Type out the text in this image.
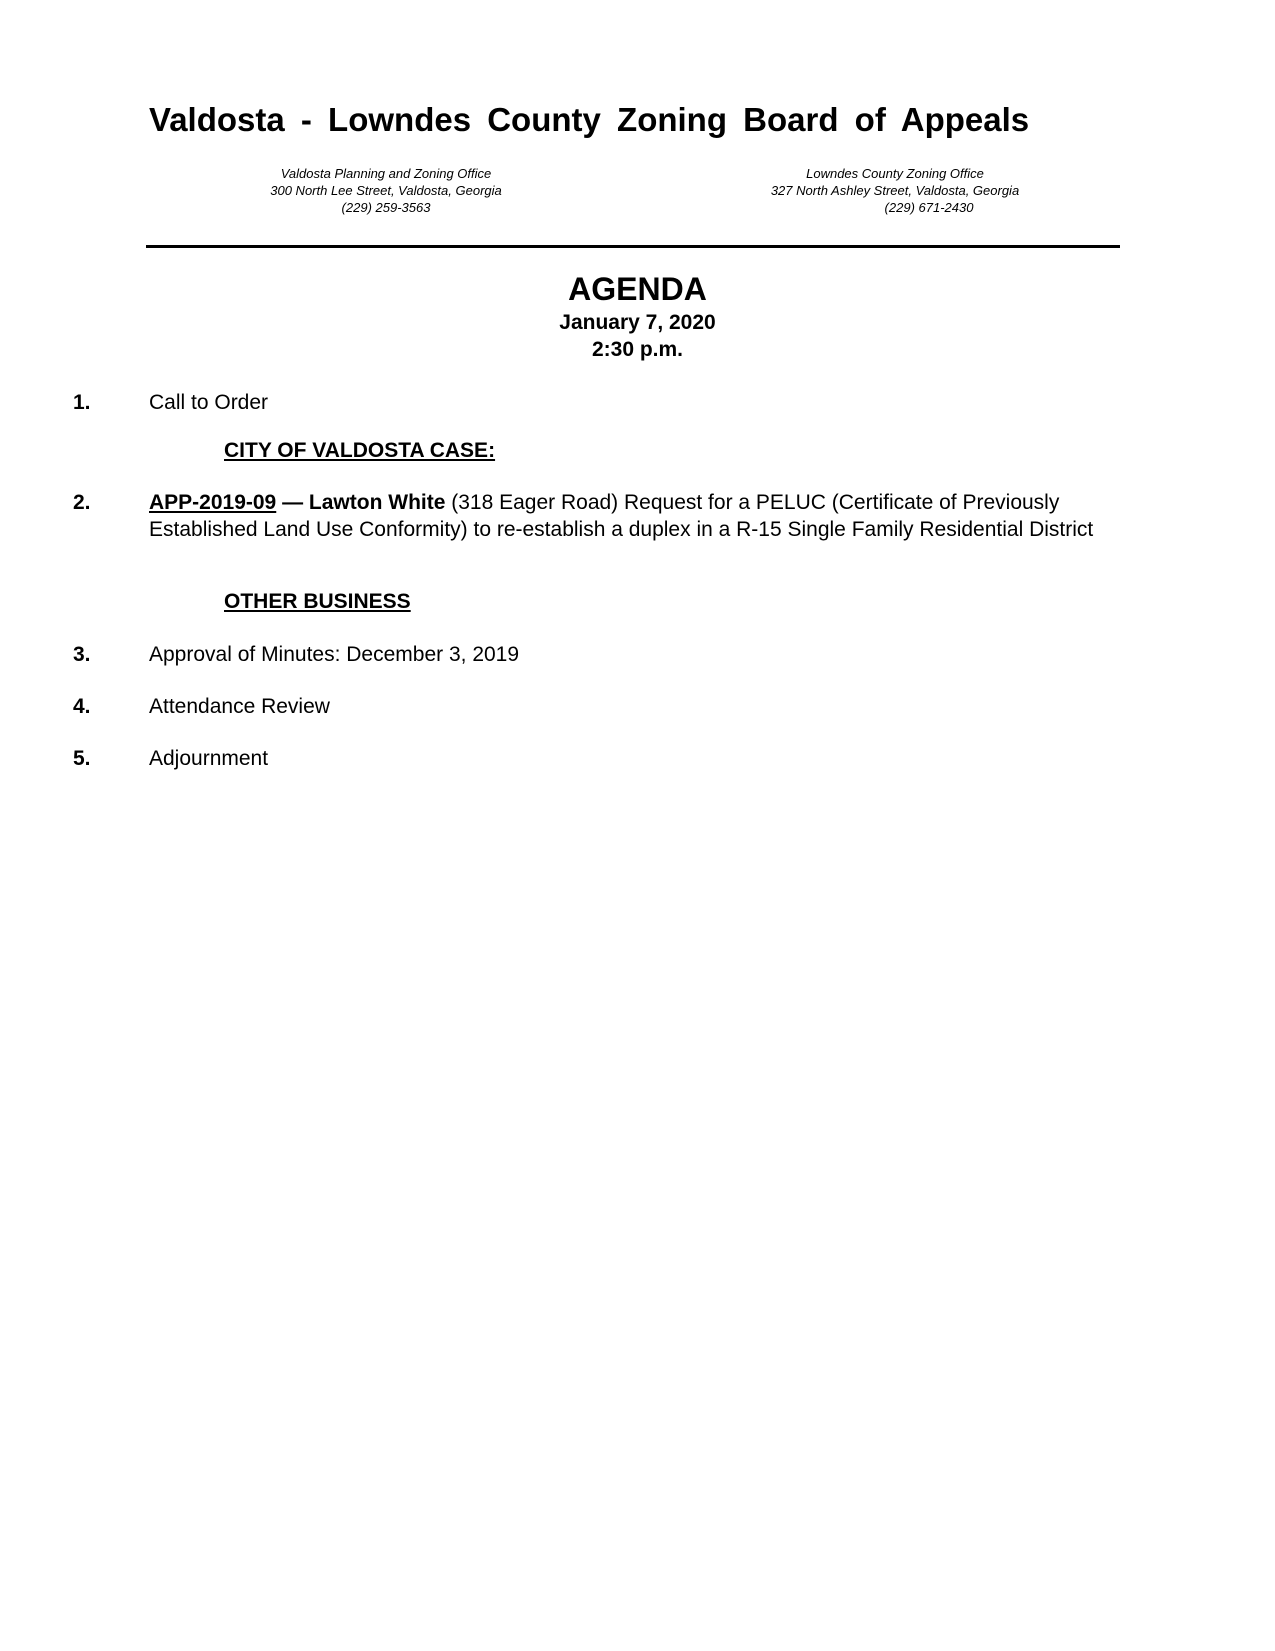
Valdosta - Lowndes County Zoning Board of Appeals
Valdosta Planning and Zoning Office
300 North Lee Street, Valdosta, Georgia
(229) 259-3563
Lowndes County Zoning Office
327 North Ashley Street, Valdosta, Georgia
(229) 671-2430
AGENDA
January 7, 2020
2:30 p.m.
1.	Call to Order
CITY OF VALDOSTA CASE:
2.	APP-2019-09 — Lawton White (318 Eager Road) Request for a PELUC (Certificate of Previously Established Land Use Conformity) to re-establish a duplex in a R-15 Single Family Residential District
OTHER BUSINESS
3.	Approval of Minutes: December 3, 2019
4.	Attendance Review
5.	Adjournment
